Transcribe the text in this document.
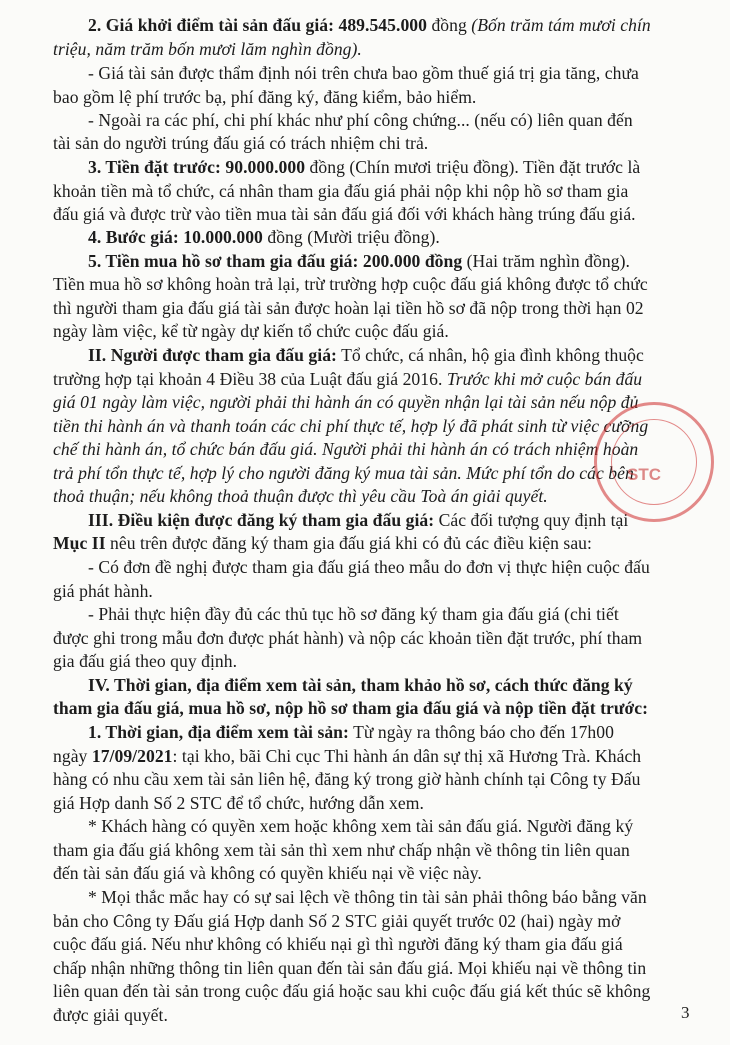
2. Giá khởi điểm tài sản đấu giá: 489.545.000 đồng (Bốn trăm tám mươi chín
triệu, năm trăm bốn mươi lăm nghìn đồng).
- Giá tài sản được thẩm định nói trên chưa bao gồm thuế giá trị gia tăng, chưa
bao gồm lệ phí trước bạ, phí đăng ký, đăng kiểm, bảo hiểm.
- Ngoài ra các phí, chi phí khác như phí công chứng... (nếu có) liên quan đến
tài sản do người trúng đấu giá có trách nhiệm chi trả.
3. Tiền đặt trước: 90.000.000 đồng (Chín mươi triệu đồng). Tiền đặt trước là
khoản tiền mà tổ chức, cá nhân tham gia đấu giá phải nộp khi nộp hồ sơ tham gia
đấu giá và được trừ vào tiền mua tài sản đấu giá đối với khách hàng trúng đấu giá.
4. Bước giá: 10.000.000 đồng (Mười triệu đồng).
5. Tiền mua hồ sơ tham gia đấu giá: 200.000 đồng (Hai trăm nghìn đồng).
Tiền mua hồ sơ không hoàn trả lại, trừ trường hợp cuộc đấu giá không được tổ chức
thì người tham gia đấu giá tài sản được hoàn lại tiền hồ sơ đã nộp trong thời hạn 02
ngày làm việc, kể từ ngày dự kiến tổ chức cuộc đấu giá.
II. Người được tham gia đấu giá: Tổ chức, cá nhân, hộ gia đình không thuộc
trường hợp tại khoản 4 Điều 38 của Luật đấu giá 2016. Trước khi mở cuộc bán đấu
giá 01 ngày làm việc, người phải thi hành án có quyền nhận lại tài sản nếu nộp đủ
tiền thi hành án và thanh toán các chi phí thực tế, hợp lý đã phát sinh từ việc cưỡng
chế thi hành án, tổ chức bán đấu giá. Người phải thi hành án có trách nhiệm hoàn
trả phí tổn thực tế, hợp lý cho người đăng ký mua tài sản. Mức phí tổn do các bên
thoả thuận; nếu không thoả thuận được thì yêu cầu Toà án giải quyết.
III. Điều kiện được đăng ký tham gia đấu giá: Các đối tượng quy định tại
Mục II nêu trên được đăng ký tham gia đấu giá khi có đủ các điều kiện sau:
- Có đơn đề nghị được tham gia đấu giá theo mẫu do đơn vị thực hiện cuộc đấu
giá phát hành.
- Phải thực hiện đầy đủ các thủ tục hồ sơ đăng ký tham gia đấu giá (chi tiết
được ghi trong mẫu đơn được phát hành) và nộp các khoản tiền đặt trước, phí tham
gia đấu giá theo quy định.
IV. Thời gian, địa điểm xem tài sản, tham khảo hồ sơ, cách thức đăng ký
tham gia đấu giá, mua hồ sơ, nộp hồ sơ tham gia đấu giá và nộp tiền đặt trước:
1. Thời gian, địa điểm xem tài sản: Từ ngày ra thông báo cho đến 17h00
ngày 17/09/2021: tại kho, bãi Chi cục Thi hành án dân sự thị xã Hương Trà. Khách
hàng có nhu cầu xem tài sản liên hệ, đăng ký trong giờ hành chính tại Công ty Đấu
giá Hợp danh Số 2 STC để tổ chức, hướng dẫn xem.
* Khách hàng có quyền xem hoặc không xem tài sản đấu giá. Người đăng ký
tham gia đấu giá không xem tài sản thì xem như chấp nhận về thông tin liên quan
đến tài sản đấu giá và không có quyền khiếu nại về việc này.
* Mọi thắc mắc hay có sự sai lệch về thông tin tài sản phải thông báo bằng văn
bản cho Công ty Đấu giá Hợp danh Số 2 STC giải quyết trước 02 (hai) ngày mở
cuộc đấu giá. Nếu như không có khiếu nại gì thì người đăng ký tham gia đấu giá
chấp nhận những thông tin liên quan đến tài sản đấu giá. Mọi khiếu nại về thông tin
liên quan đến tài sản trong cuộc đấu giá hoặc sau khi cuộc đấu giá kết thúc sẽ không
được giải quyết.
STC
3
